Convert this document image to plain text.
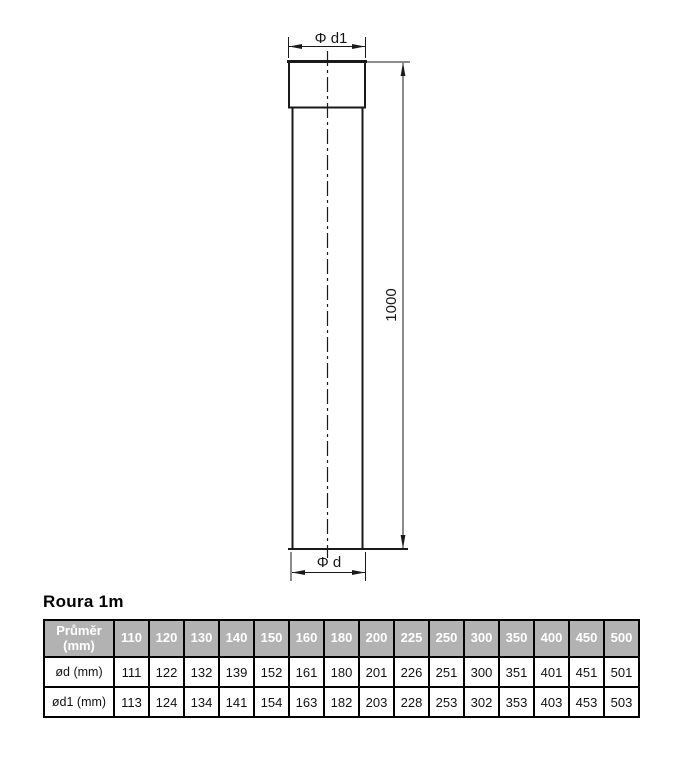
Φ d1
1000
Φ d
Roura 1m
Průměr (mm)	110	120	130	140	150	160	180	200	225	250	300	350	400	450	500
ød (mm)	111	122	132	139	152	161	180	201	226	251	300	351	401	451	501
ød1 (mm)	113	124	134	141	154	163	182	203	228	253	302	353	403	453	503
